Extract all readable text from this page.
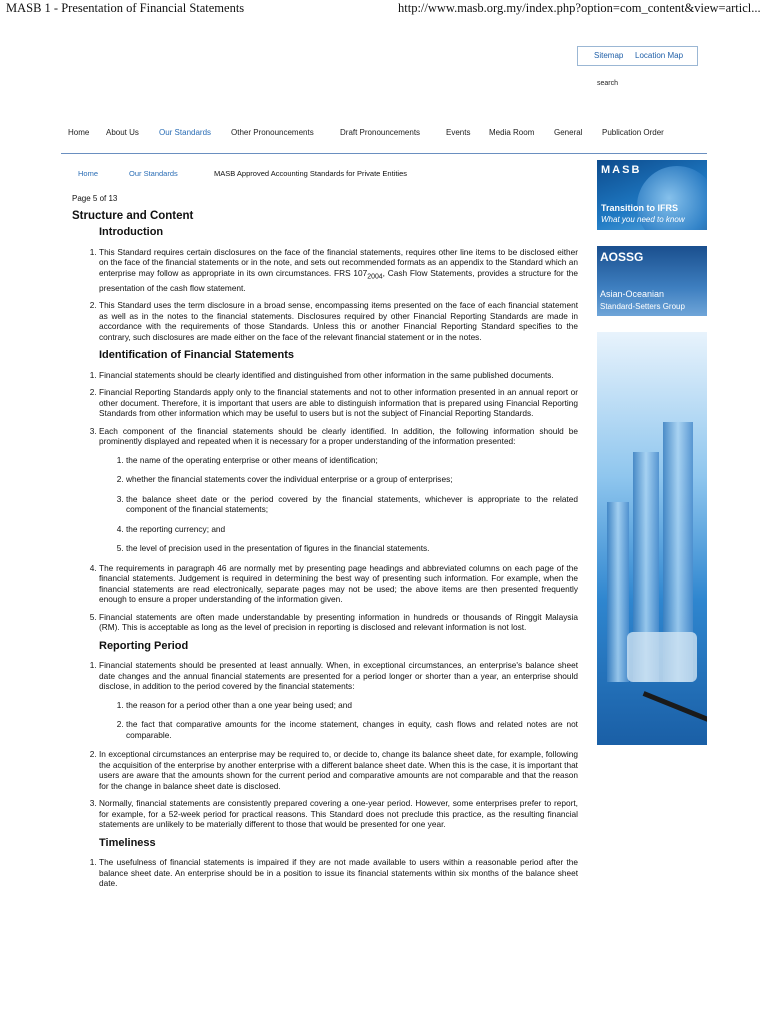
MASB 1 - Presentation of Financial Statements	http://www.masb.org.my/index.php?option=com_content&view=articl...
Sitemap Location Map
search
Home About Us	Our Standards Other Pronouncements	Draft Pronouncements	Events Media Room General Publication Order
Home	Our Standards	MASB Approved Accounting Standards for Private Entities
Page 5 of 13
Structure and Content
Introduction
1. This Standard requires certain disclosures on the face of the financial statements, requires other line items to be disclosed either on the face of the financial statements or in the note, and sets out recommended formats as an appendix to the Standard which an enterprise may follow as appropriate in its own circumstances. FRS $107_{2004}$, Cash Flow Statements, provides a structure for the presentation of the cash flow statement.
2. This Standard uses the term disclosure in a broad sense, encompassing items presented on the face of each financial statement as well as in the notes to the financial statements. Disclosures required by other Financial Reporting Standards are made in accordance with the requirements of those Standards. Unless this or another Financial Reporting Standard specifies to the contrary, such disclosures are made either on the face of the relevant financial statement or in the notes.
Identification of Financial Statements
1. Financial statements should be clearly identified and distinguished from other information in the same published documents.
2. Financial Reporting Standards apply only to the financial statements and not to other information presented in an annual report or other document. Therefore, it is important that users are able to distinguish information that is prepared using Financial Reporting Standards from other information which may be useful to users but is not the subject of Financial Reporting Standards.
3. Each component of the financial statements should be clearly identified. In addition, the following information should be prominently displayed and repeated when it is necessary for a proper understanding of the information presented:
1. the name of the operating enterprise or other means of identification;
2. whether the financial statements cover the individual enterprise or a group of enterprises;
3. the balance sheet date or the period covered by the financial statements, whichever is appropriate to the related component of the financial statements;
4. the reporting currency; and
5. the level of precision used in the presentation of figures in the financial statements.
4. The requirements in paragraph 46 are normally met by presenting page headings and abbreviated columns on each page of the financial statements. Judgement is required in determining the best way of presenting such information. For example, when the financial statements are read electronically, separate pages may not be used; the above items are then presented frequently enough to ensure a proper understanding of the information given.
5. Financial statements are often made understandable by presenting information in hundreds or thousands of Ringgit Malaysia (RM). This is acceptable as long as the level of precision in reporting is disclosed and relevant information is not lost.
Reporting Period
1. Financial statements should be presented at least annually. When, in exceptional circumstances, an enterprise's balance sheet date changes and the annual financial statements are presented for a period longer or shorter than a year, an enterprise should disclose, in addition to the period covered by the financial statements:
1. the reason for a period other than a one year being used; and
2. the fact that comparative amounts for the income statement, changes in equity, cash flows and related notes are not comparable.
2. In exceptional circumstances an enterprise may be required to, or decide to, change its balance sheet date, for example, following the acquisition of the enterprise by another enterprise with a different balance sheet date. When this is the case, it is important that users are aware that the amounts shown for the current period and comparative amounts are not comparable and that the reason for the change in balance sheet date is disclosed.
3. Normally, financial statements are consistently prepared covering a one-year period. However, some enterprises prefer to report, for example, for a 52-week period for practical reasons. This Standard does not preclude this practice, as the resulting financial statements are unlikely to be materially different to those that would be presented for one year.
Timeliness
1. The usefulness of financial statements is impaired if they are not made available to users within a reasonable period after the balance sheet date. An enterprise should be in a position to issue its financial statements within six months of the balance sheet date.
MASB
Transition to IFRS
What you need to know
AOSSG
Asian-Oceanian
Standard-Setters Group
